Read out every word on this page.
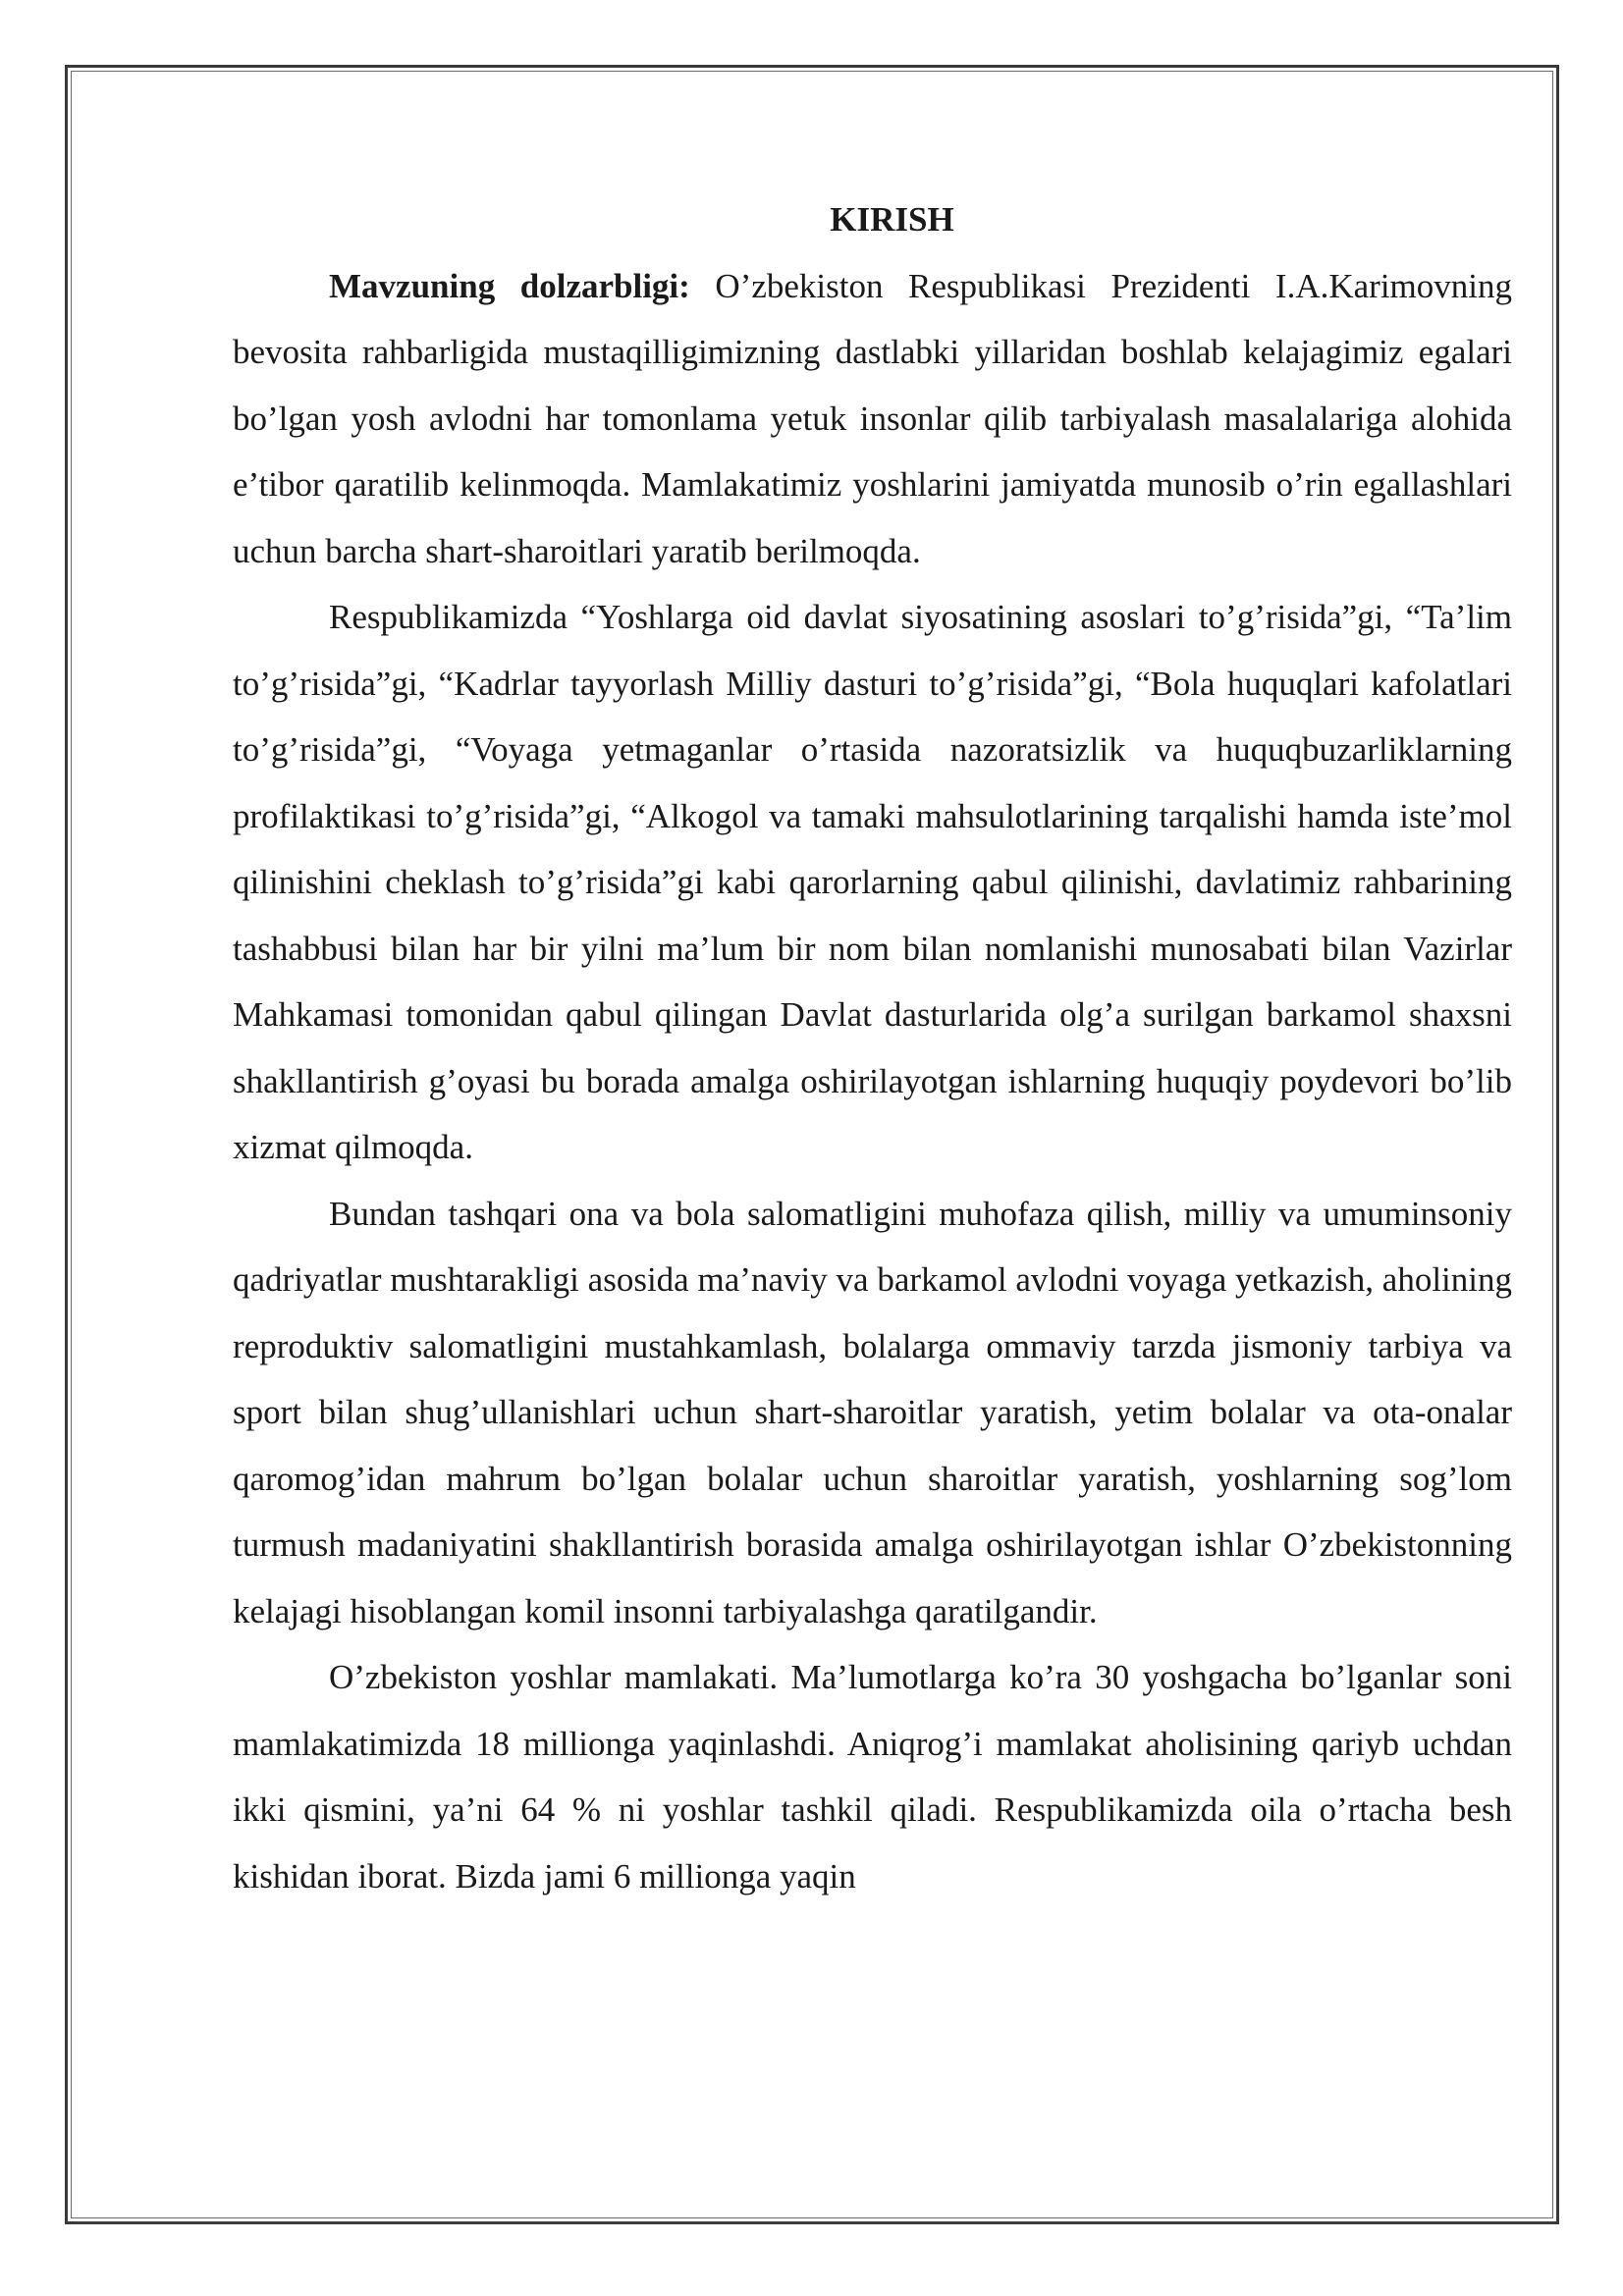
KIRISH

Mavzuning dolzarbligi: O’zbekiston Respublikasi Prezidenti I.A.Karimovning bevosita rahbarligida mustaqilligimizning dastlabki yillaridan boshlab kelajagimiz egalari bo’lgan yosh avlodni har tomonlama yetuk insonlar qilib tarbiyalash masalalariga alohida e’tibor qaratilib kelinmoqda. Mamlakatimiz yoshlarini jamiyatda munosib o’rin egallashlari uchun barcha shart-sharoitlari yaratib berilmoqda.

Respublikamizda “Yoshlarga oid davlat siyosatining asoslari to’g’risida”gi, “Ta’lim to’g’risida”gi, “Kadrlar tayyorlash Milliy dasturi to’g’risida”gi, “Bola huquqlari kafolatlari to’g’risida”gi, “Voyaga yetmaganlar o’rtasida nazoratsizlik va huquqbuzarliklarning profilaktikasi to’g’risida”gi, “Alkogol va tamaki mahsulotlarining tarqalishi hamda iste’mol qilinishini cheklash to’g’risida”gi kabi qarorlarning qabul qilinishi, davlatimiz rahbarining tashabbusi bilan har bir yilni ma’lum bir nom bilan nomlanishi munosabati bilan Vazirlar Mahkamasi tomonidan qabul qilingan Davlat dasturlarida olg’a surilgan barkamol shaxsni shakllantirish g’oyasi bu borada amalga oshirilayotgan ishlarning huquqiy poydevori bo’lib xizmat qilmoqda.

Bundan tashqari ona va bola salomatligini muhofaza qilish, milliy va umuminsoniy qadriyatlar mushtarakligi asosida ma’naviy va barkamol avlodni voyaga yetkazish, aholining reproduktiv salomatligini mustahkamlash, bolalarga ommaviy tarzda jismoniy tarbiya va sport bilan shug’ullanishlari uchun shart-sharoitlar yaratish, yetim bolalar va ota-onalar qaromog’idan mahrum bo’lgan bolalar uchun sharoitlar yaratish, yoshlarning sog’lom turmush madaniyatini shakllantirish borasida amalga oshirilayotgan ishlar O’zbekistonning kelajagi hisoblangan komil insonni tarbiyalashga qaratilgandir.

O’zbekiston yoshlar mamlakati. Ma’lumotlarga ko’ra 30 yoshgacha bo’lganlar soni mamlakatimizda 18 millionga yaqinlashdi. Aniqrog’i mamlakat aholisining qariyb uchdan ikki qismini, ya’ni 64 % ni yoshlar tashkil qiladi. Respublikamizda oila o’rtacha besh kishidan iborat. Bizda jami 6 millionga yaqin
